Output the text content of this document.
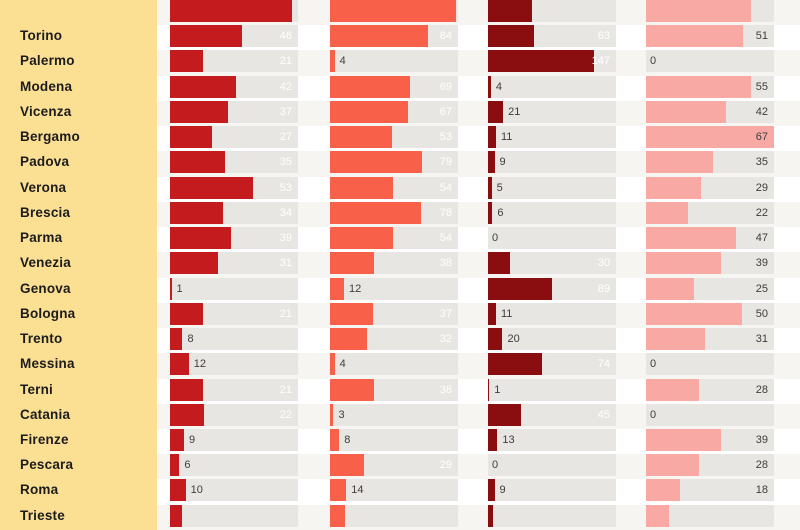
Torino	46	84	63	51
Palermo	21	4	147	0
Modena	42	69	4	55
Vicenza	37	67	21	42
Bergamo	27	53	11	67
Padova	35	79	9	35
Verona	53	54	5	29
Brescia	34	78	6	22
Parma	39	54	0	47
Venezia	31	38	30	39
Genova	1	12	89	25
Bologna	21	37	11	50
Trento	8	32	20	31
Messina	12	4	74	0
Terni	21	38	1	28
Catania	22	3	45	0
Firenze	9	8	13	39
Pescara	6	29	0	28
Roma	10	14	9	18
Trieste
